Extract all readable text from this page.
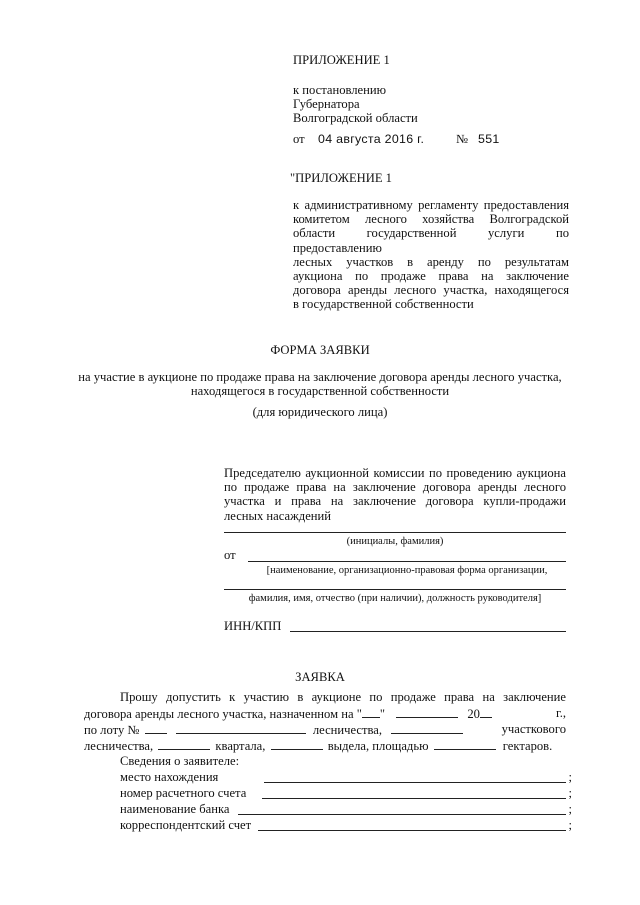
ПРИЛОЖЕНИЕ 1
к постановлению
Губернатора
Волгоградской области
от 04 августа 2016 г.	№ 551
"ПРИЛОЖЕНИЕ 1
к административному регламенту предоставления
комитетом лесного хозяйства Волгоградской
области государственной услуги по предоставлению
лесных участков в аренду по результатам
аукциона по продаже права на заключение
договора аренды лесного участка, находящегося
в государственной собственности
ФОРМА ЗАЯВКИ
на участие в аукционе по продаже права на заключение договора аренды лесного участка,
находящегося в государственной собственности
(для юридического лица)
Председателю аукционной комиссии по проведению аукциона
по продаже права на заключение договора аренды лесного
участка и права на заключение договора купли-продажи
лесных насаждений
(инициалы, фамилия)
от
[наименование, организационно-правовая форма организации,
фамилия, имя, отчество (при наличии), должность руководителя]
ИНН/КПП
ЗАЯВКА
Прошу допустить к участию в аукционе по продаже права на заключение
договора аренды лесного участка, назначенном на " "	20	г.,
по лоту №	лесничества,	участкового
лесничества,	квартала,	выдела, площадью	гектаров.
Сведения о заявителе:
место нахождения	;
номер расчетного счета	;
наименование банка	;
корреспондентский счет	;
